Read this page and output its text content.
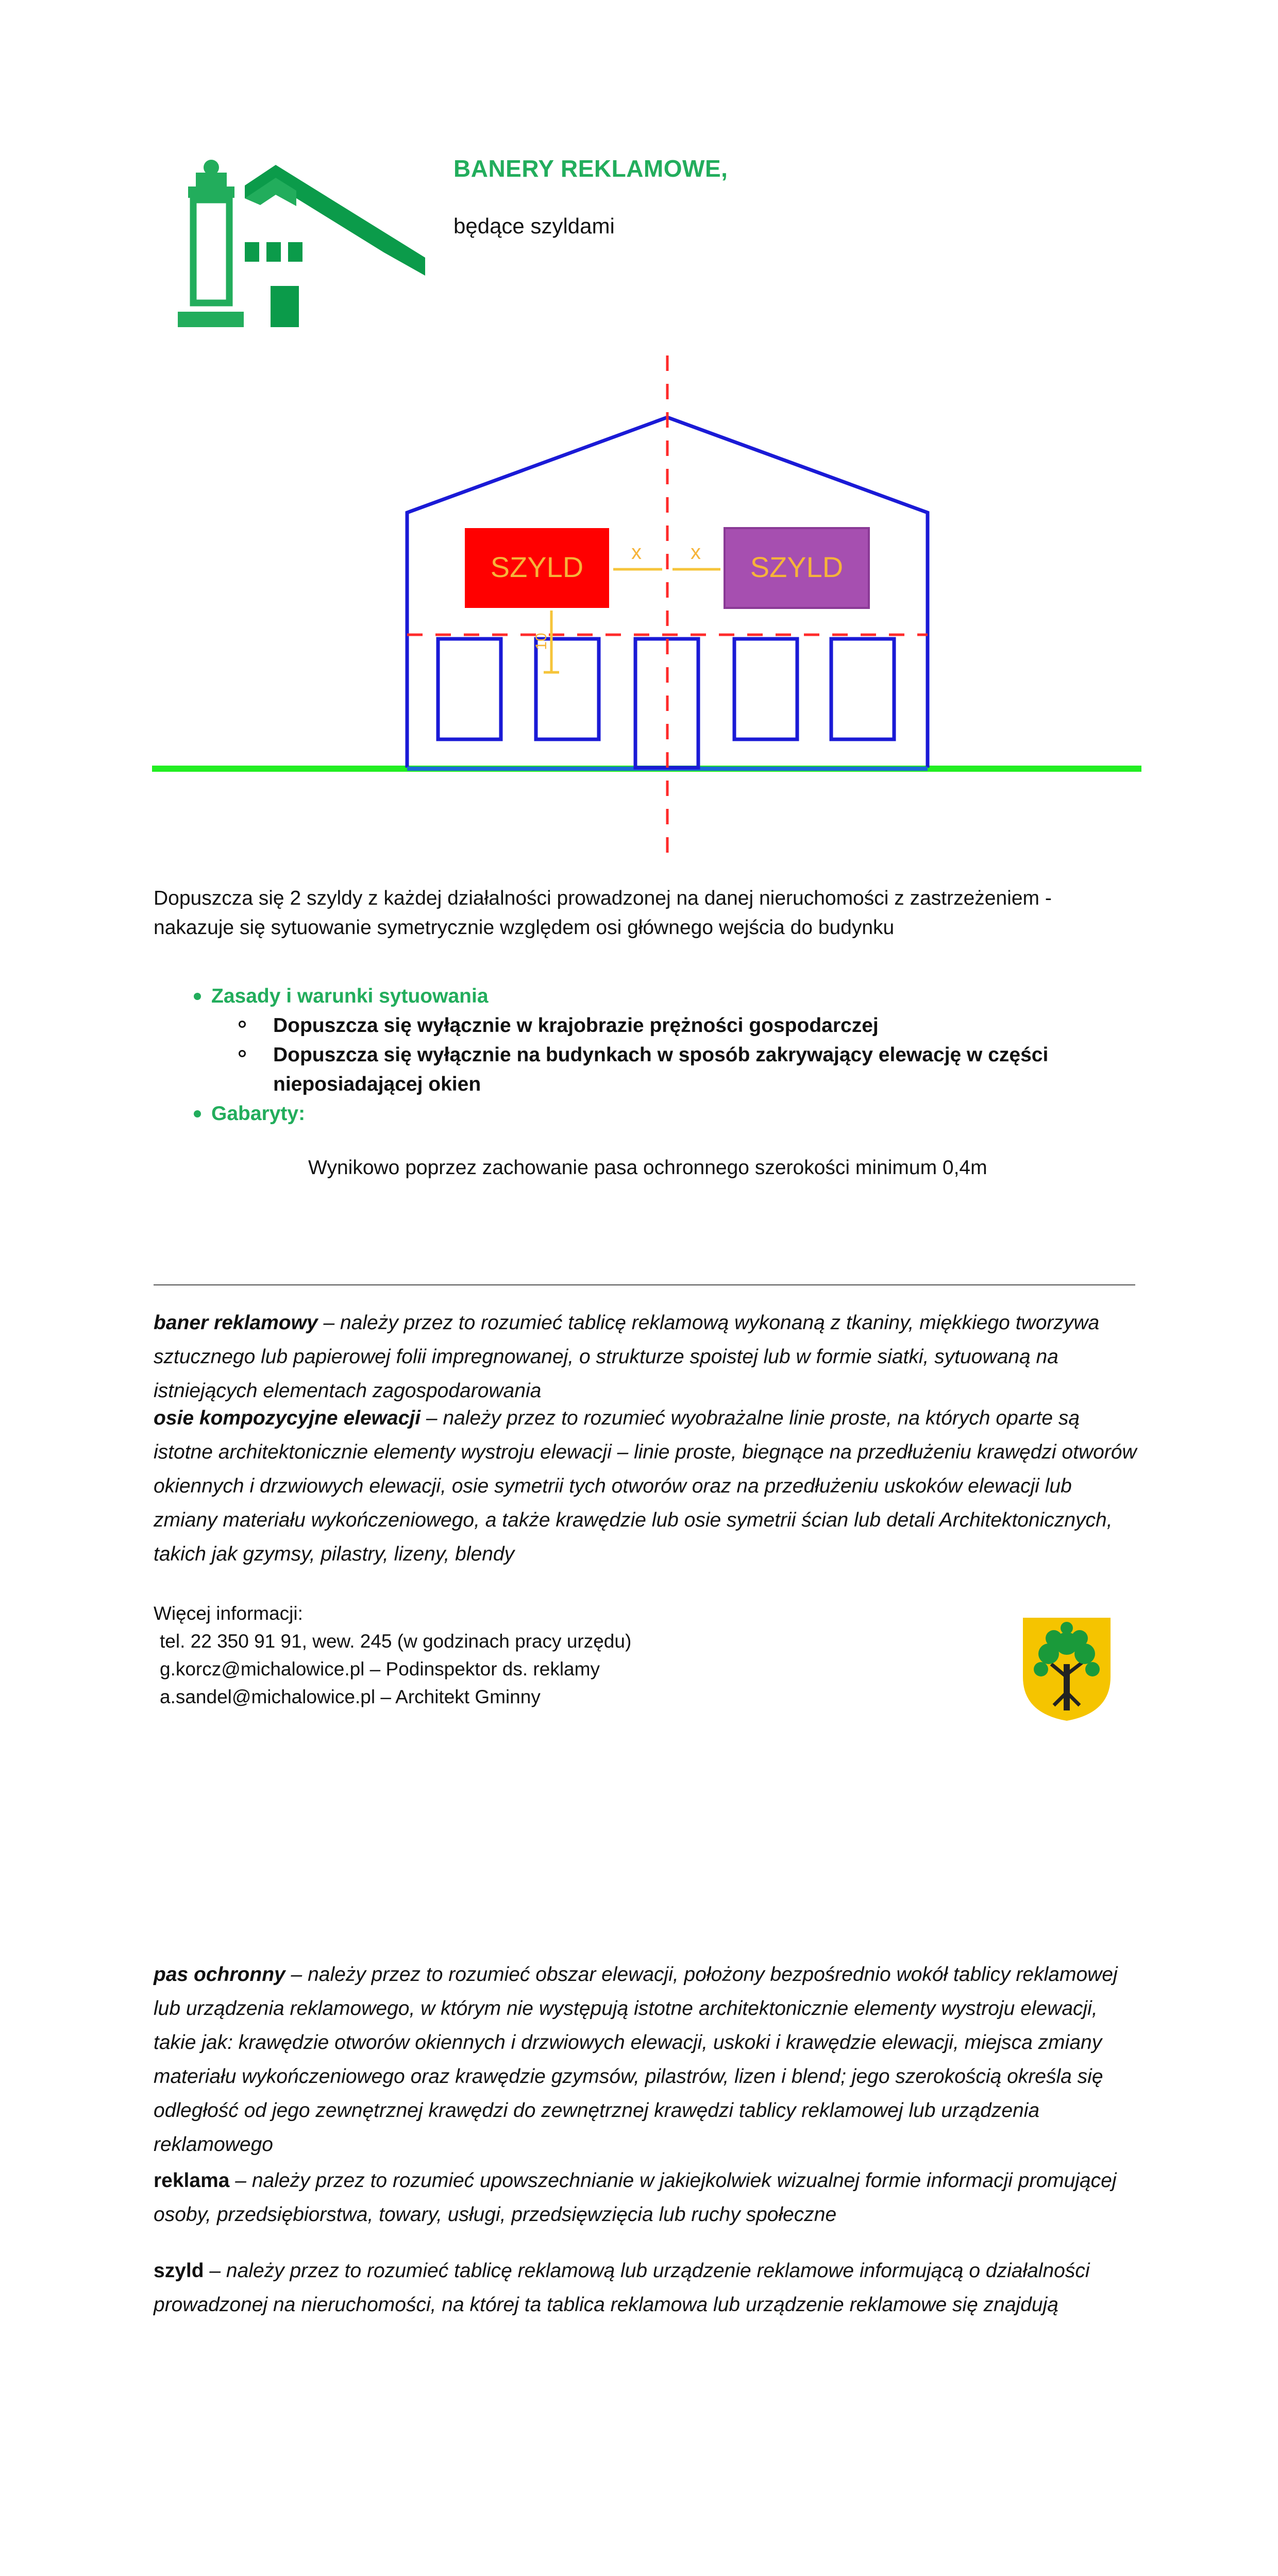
BANERY REKLAMOWE,
będące szyldami
SZYLD	SZYLD
x x
10
Dopuszcza się 2 szyldy z każdej działalności prowadzonej na danej nieruchomości z zastrzeżeniem - nakazuje się sytuowanie symetrycznie względem osi głównego wejścia do budynku
Zasady i warunki sytuowania
Dopuszcza się wyłącznie w krajobrazie prężności gospodarczej
Dopuszcza się wyłącznie na budynkach w sposób zakrywający elewację w części nieposiadającej okien
Gabaryty:
Wynikowo poprzez zachowanie pasa ochronnego szerokości minimum 0,4m
baner reklamowy – należy przez to rozumieć tablicę reklamową wykonaną z tkaniny, miękkiego tworzywa sztucznego lub papierowej folii impregnowanej, o strukturze spoistej lub w formie siatki, sytuowaną na istniejących elementach zagospodarowania
osie kompozycyjne elewacji – należy przez to rozumieć wyobrażalne linie proste, na których oparte są istotne architektonicznie elementy wystroju elewacji – linie proste, biegnące na przedłużeniu krawędzi otworów okiennych i drzwiowych elewacji, osie symetrii tych otworów oraz na przedłużeniu uskoków elewacji lub zmiany materiału wykończeniowego, a także krawędzie lub osie symetrii ścian lub detali Architektonicznych, takich jak gzymsy, pilastry, lizeny, blendy
Więcej informacji:
tel. 22 350 91 91, wew. 245 (w godzinach pracy urzędu)
g.korcz@michalowice.pl – Podinspektor ds. reklamy
a.sandel@michalowice.pl – Architekt Gminny
pas ochronny – należy przez to rozumieć obszar elewacji, położony bezpośrednio wokół tablicy reklamowej lub urządzenia reklamowego, w którym nie występują istotne architektonicznie elementy wystroju elewacji, takie jak: krawędzie otworów okiennych i drzwiowych elewacji, uskoki i krawędzie elewacji, miejsca zmiany materiału wykończeniowego oraz krawędzie gzymsów, pilastrów, lizen i blend; jego szerokością określa się odległość od jego zewnętrznej krawędzi do zewnętrznej krawędzi tablicy reklamowej lub urządzenia reklamowego
reklama – należy przez to rozumieć upowszechnianie w jakiejkolwiek wizualnej formie informacji promującej osoby, przedsiębiorstwa, towary, usługi, przedsięwzięcia lub ruchy społeczne
szyld – należy przez to rozumieć tablicę reklamową lub urządzenie reklamowe informującą o działalności prowadzonej na nieruchomości, na której ta tablica reklamowa lub urządzenie reklamowe się znajdują
